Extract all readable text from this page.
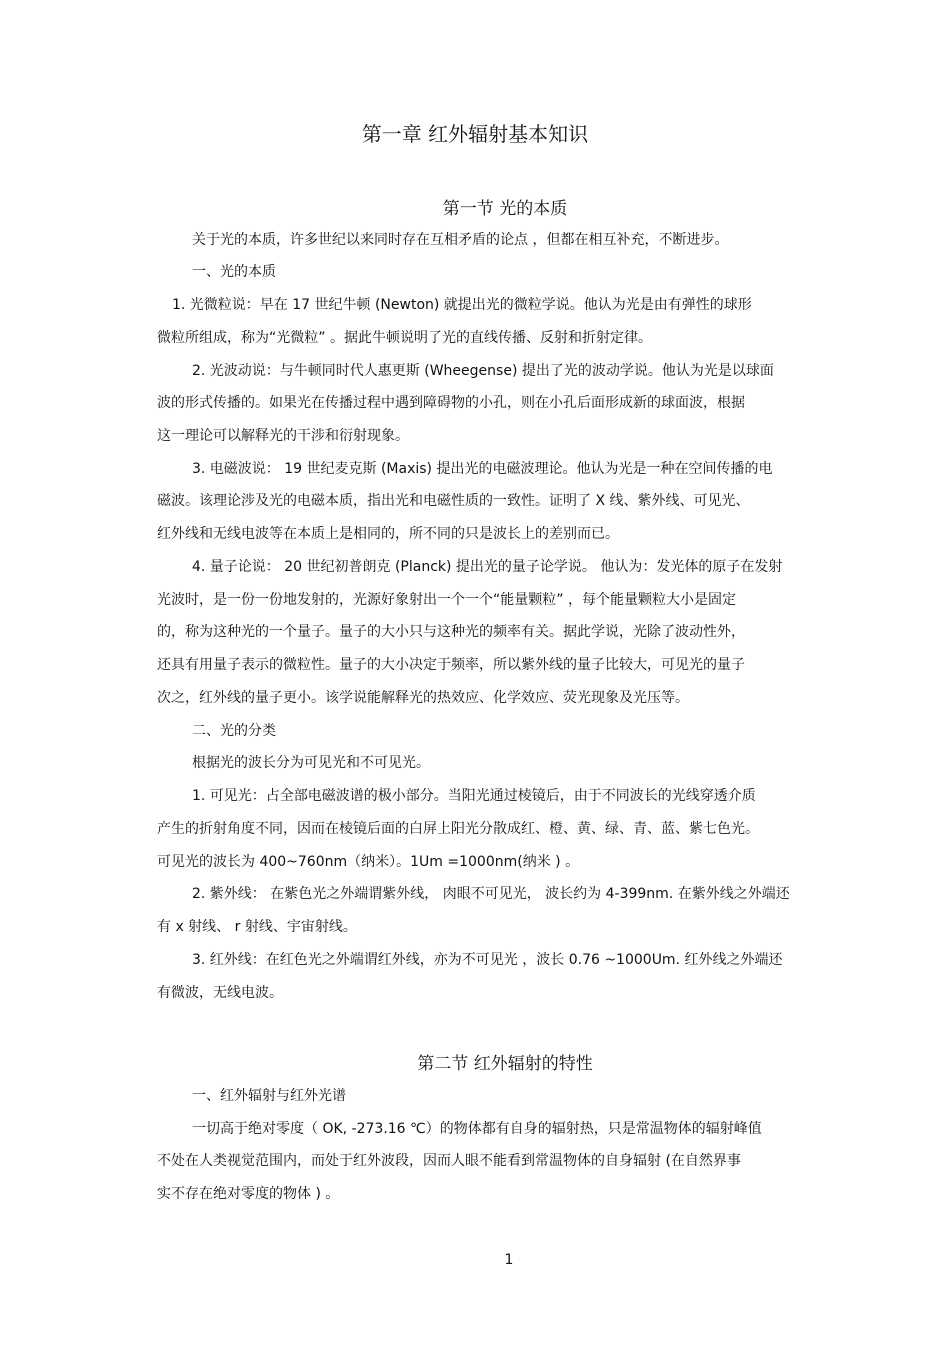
第一章 红外辐射基本知识
第一节 光的本质
关于光的本质，许多世纪以来同时存在互相矛盾的论点 ，但都在相互补充，不断进步。
一、光的本质
1. 光微粒说：早在 17 世纪牛顿 (Newton) 就提出光的微粒学说。他认为光是由有弹性的球形
微粒所组成，称为“光微粒” 。据此牛顿说明了光的直线传播、反射和折射定律。
2. 光波动说：与牛顿同时代人惠更斯 (Wheegense) 提出了光的波动学说。他认为光是以球面
波的形式传播的。如果光在传播过程中遇到障碍物的小孔，则在小孔后面形成新的球面波，根据
这一理论可以解释光的干涉和衍射现象。
3. 电磁波说： 19 世纪麦克斯 (Maxis) 提出光的电磁波理论。他认为光是一种在空间传播的电
磁波。该理论涉及光的电磁本质，指出光和电磁性质的一致性。证明了 X 线、紫外线、可见光、
红外线和无线电波等在本质上是相同的，所不同的只是波长上的差别而已。
4. 量子论说： 20 世纪初普朗克 (Planck) 提出光的量子论学说。 他认为：发光体的原子在发射
光波时，是一份一份地发射的，光源好象射出一个一个“能量颗粒” ，每个能量颗粒大小是固定
的，称为这种光的一个量子。量子的大小只与这种光的频率有关。据此学说，光除了波动性外，
还具有用量子表示的微粒性。量子的大小决定于频率，所以紫外线的量子比较大，可见光的量子
次之，红外线的量子更小。该学说能解释光的热效应、化学效应、荧光现象及光压等。
二、光的分类
根据光的波长分为可见光和不可见光。
1. 可见光：占全部电磁波谱的极小部分。当阳光通过棱镜后，由于不同波长的光线穿透介质
产生的折射角度不同，因而在棱镜后面的白屏上阳光分散成红、橙、黄、绿、青、蓝、紫七色光。
可见光的波长为 400~760nm（纳米）。1Um =1000nm(纳米 ) 。
2. 紫外线： 在紫色光之外端谓紫外线， 肉眼不可见光， 波长约为 4-399nm. 在紫外线之外端还
有 x 射线、 r 射线、宇宙射线。
3. 红外线：在红色光之外端谓红外线，亦为不可见光 ，波长 0.76 ~1000Um. 红外线之外端还
有微波，无线电波。
第二节 红外辐射的特性
一、红外辐射与红外光谱
一切高于绝对零度（ OK, -273.16 ℃）的物体都有自身的辐射热，只是常温物体的辐射峰值
不处在人类视觉范围内，而处于红外波段，因而人眼不能看到常温物体的自身辐射 (在自然界事
实不存在绝对零度的物体 ) 。
1
